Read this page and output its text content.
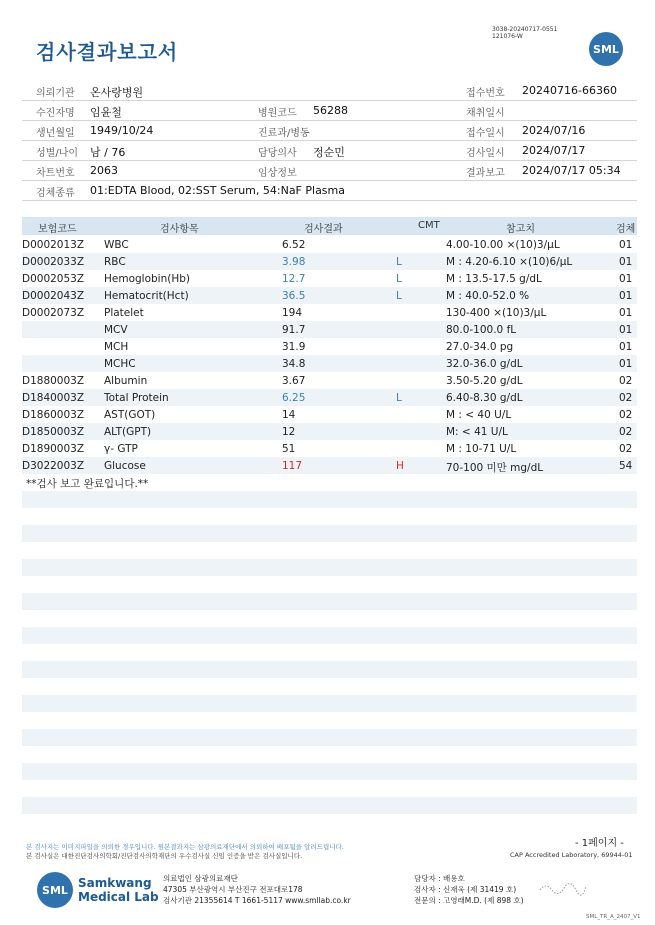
검사결과보고서
3038-20240717-0551
121076-W
SML
의뢰기관 온사랑병원	접수번호 20240716-66360
수진자명 임윤철	병원코드 56288	채취일시
생년월일 1949/10/24	진료과/병동	접수일시 2024/07/16
성별/나이 남 / 76	담당의사 정순민	검사일시 2024/07/17
차트번호 2063	임상정보	결과보고 2024/07/17 05:34
검체종류 01:EDTA Blood, 02:SST Serum, 54:NaF Plasma
보험코드	검사항목	검사결과	CMT	참고치	검체
D0002013Z WBC	6.52	4.00-10.00 ×(10)3/μL	01
D0002033Z RBC	3.98	L	M : 4.20-6.10 ×(10)6/μL	01
D0002053Z Hemoglobin(Hb)	12.7	L	M : 13.5-17.5 g/dL	01
D0002043Z Hematocrit(Hct)	36.5	L	M : 40.0-52.0 %	01
D0002073Z Platelet	194	130-400 ×(10)3/μL	01
MCV	91.7	80.0-100.0 fL	01
MCH	31.9	27.0-34.0 pg	01
MCHC	34.8	32.0-36.0 g/dL	01
D1880003Z Albumin	3.67	3.50-5.20 g/dL	02
D1840003Z Total Protein	6.25	L	6.40-8.30 g/dL	02
D1860003Z AST(GOT)	14	M : < 40 U/L	02
D1850003Z ALT(GPT)	12	M: < 41 U/L	02
D1890003Z γ- GTP	51	M : 10-71 U/L	02
D3022003Z Glucose	117	H	70-100 미만 mg/dL	54
**검사 보고 완료입니다.**
- 1페이지 -
본 검사지는 이미지파일을 의뢰한 경우입니다. 원본결과지는 삼광의료재단에서 의뢰하여 배포됨을 알려드립니다.
본 검사실은 대한진단검사의학회/진단검사의학재단의 우수검사실 신임 인증을 받은 검사실입니다.	CAP Accredited Laboratory, 69944-01
SML Samkwang
Medical Lab
의료법인 삼광의료재단
47305 부산광역시 부산진구 전포대로178
검사기관 21355614 T 1661-5117 www.smllab.co.kr
담당자 : 배용호
검사자 : 신재욱 (제 31419 호)
전문의 : 고영래M.D. (제 898 호)
SML_TR_A_2407_V1
